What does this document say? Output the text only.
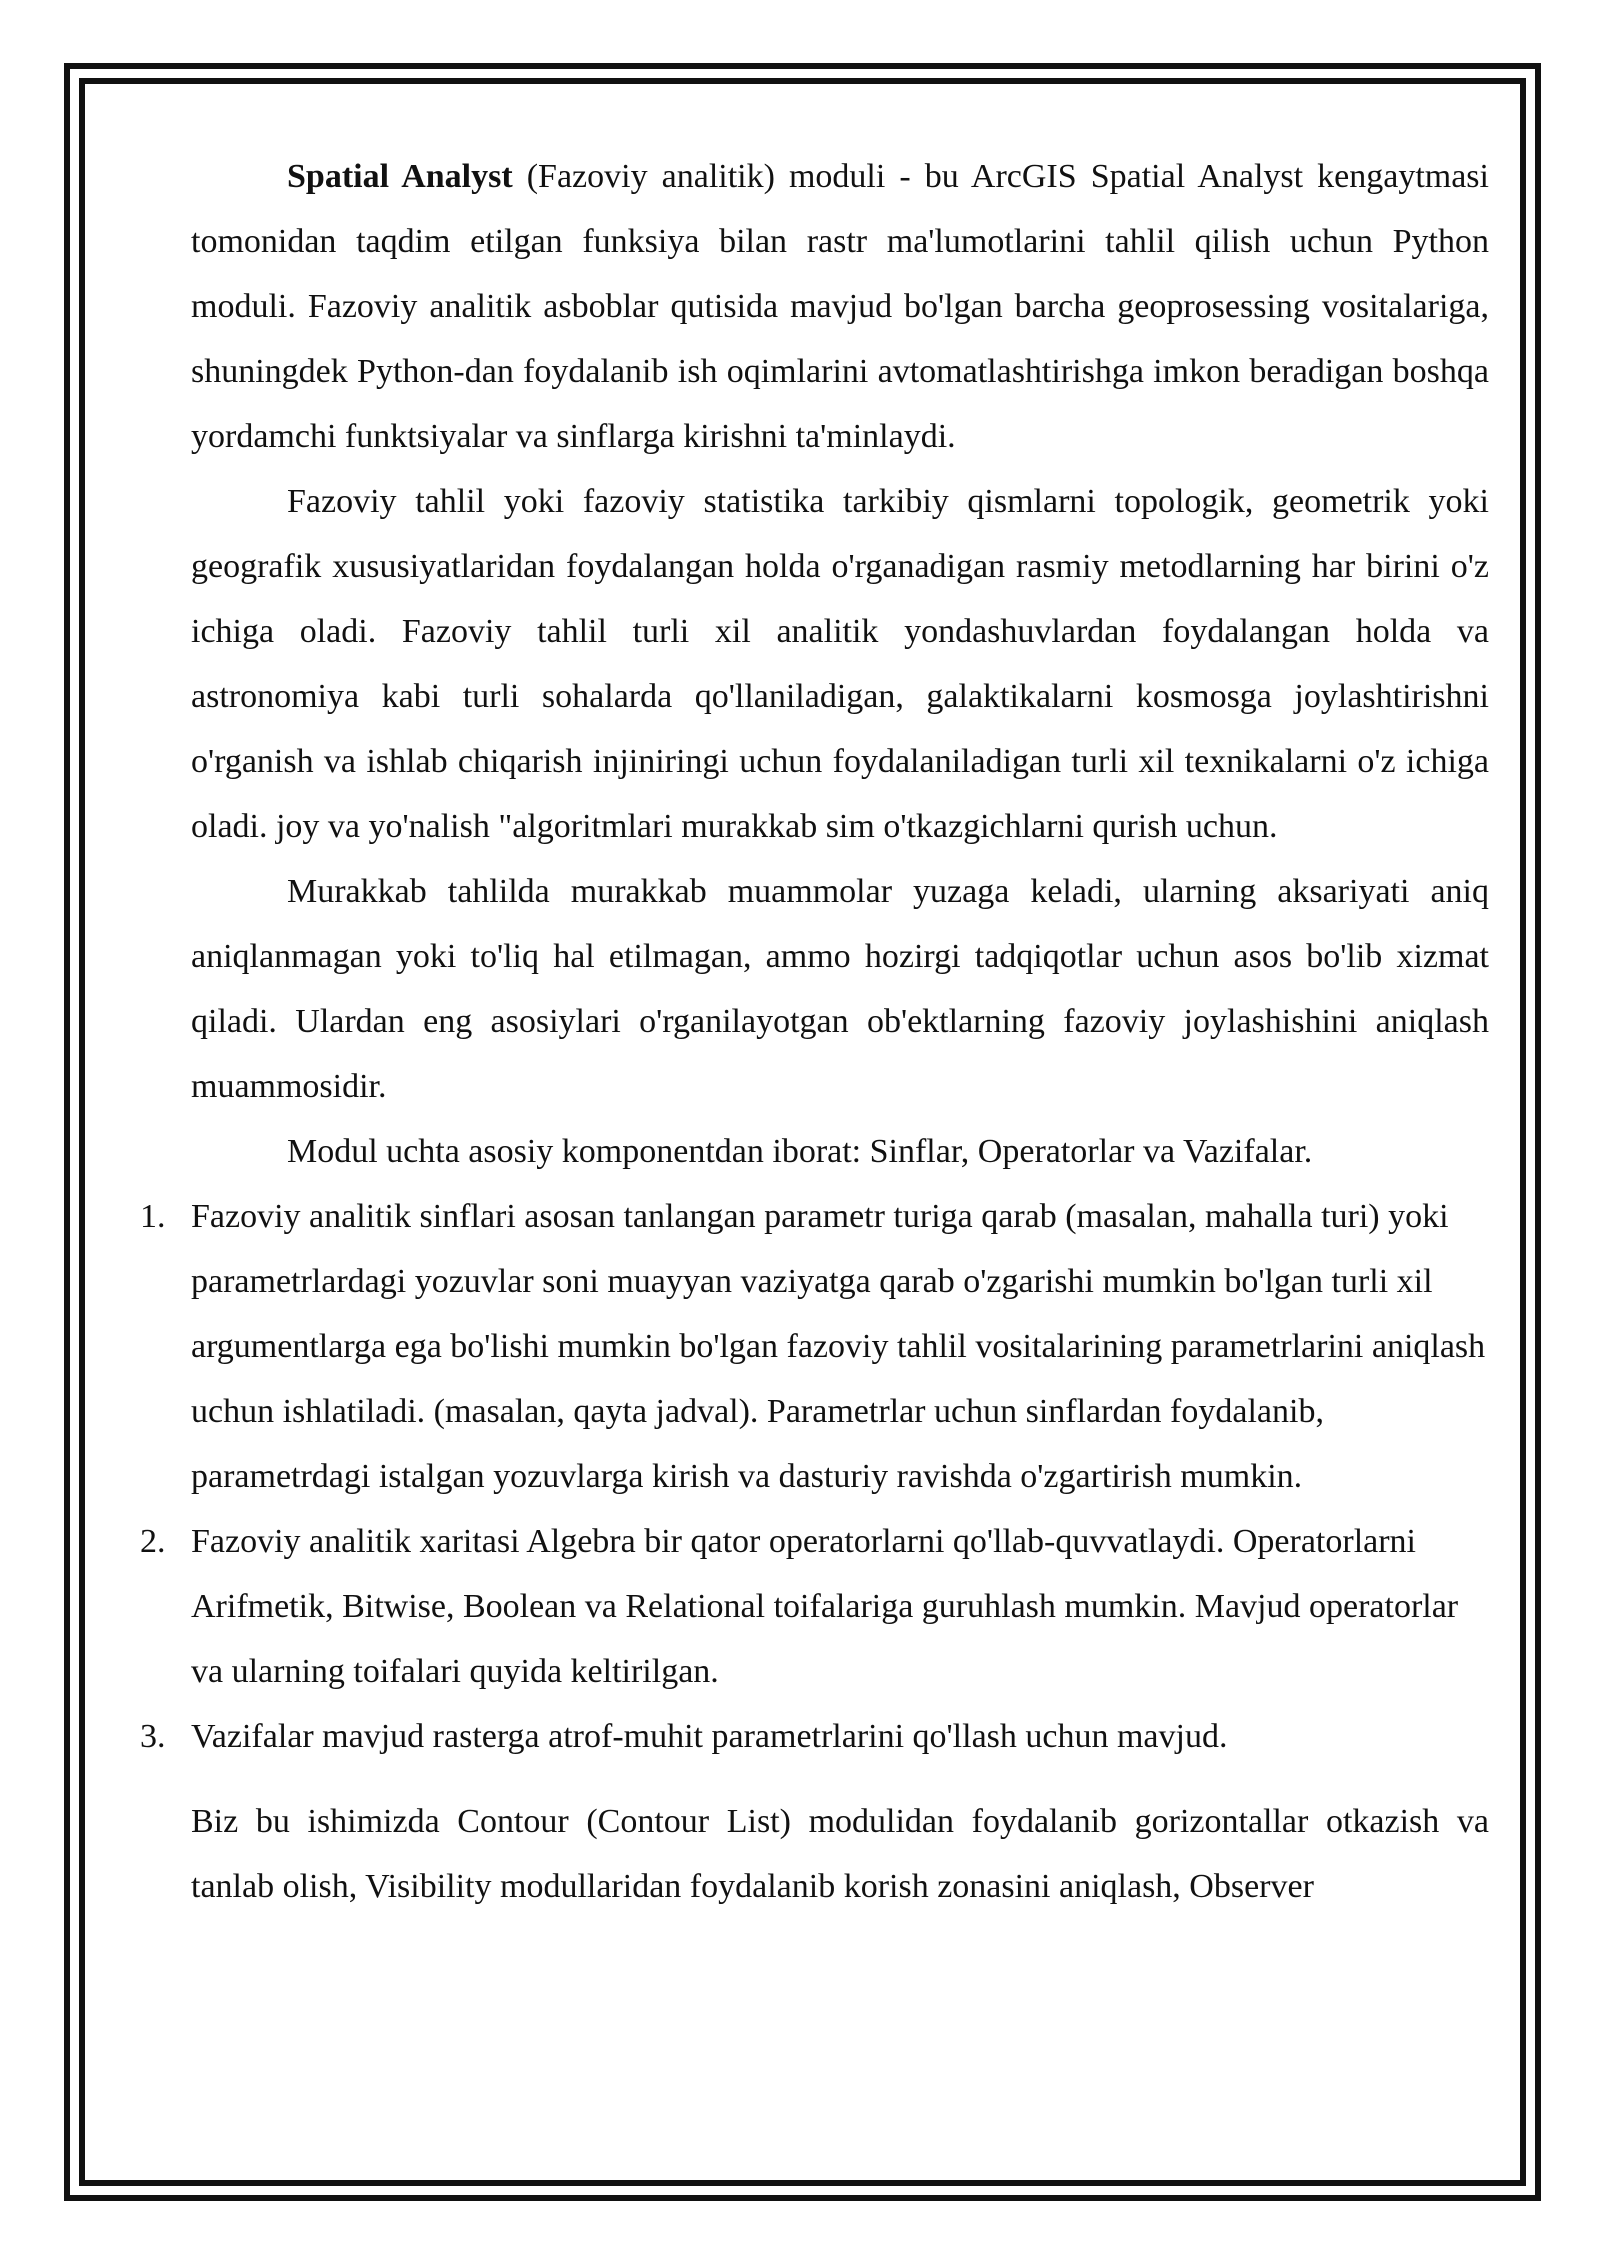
Spatial Analyst (Fazoviy analitik) moduli - bu ArcGIS Spatial Analyst kengaytmasi tomonidan taqdim etilgan funksiya bilan rastr ma'lumotlarini tahlil qilish uchun Python moduli. Fazoviy analitik asboblar qutisida mavjud bo'lgan barcha geoprosessing vositalariga, shuningdek Python-dan foydalanib ish oqimlarini avtomatlashtirishga imkon beradigan boshqa yordamchi funktsiyalar va sinflarga kirishni ta'minlaydi.

Fazoviy tahlil yoki fazoviy statistika tarkibiy qismlarni topologik, geometrik yoki geografik xususiyatlaridan foydalangan holda o'rganadigan rasmiy metodlarning har birini o'z ichiga oladi. Fazoviy tahlil turli xil analitik yondashuvlardan foydalangan holda va astronomiya kabi turli sohalarda qo'llaniladigan, galaktikalarni kosmosga joylashtirishni o'rganish va ishlab chiqarish injiniringi uchun foydalaniladigan turli xil texnikalarni o'z ichiga oladi. joy va yo'nalish "algoritmlari murakkab sim o'tkazgichlarni qurish uchun.

Murakkab tahlilda murakkab muammolar yuzaga keladi, ularning aksariyati aniq aniqlanmagan yoki to'liq hal etilmagan, ammo hozirgi tadqiqotlar uchun asos bo'lib xizmat qiladi. Ulardan eng asosiylari o'rganilayotgan ob'ektlarning fazoviy joylashishini aniqlash muammosidir.

Modul uchta asosiy komponentdan iborat: Sinflar, Operatorlar va Vazifalar.

1. Fazoviy analitik sinflari asosan tanlangan parametr turiga qarab (masalan, mahalla turi) yoki parametrlardagi yozuvlar soni muayyan vaziyatga qarab o'zgarishi mumkin bo'lgan turli xil argumentlarga ega bo'lishi mumkin bo'lgan fazoviy tahlil vositalarining parametrlarini aniqlash uchun ishlatiladi. (masalan, qayta jadval). Parametrlar uchun sinflardan foydalanib, parametrdagi istalgan yozuvlarga kirish va dasturiy ravishda o'zgartirish mumkin.
2. Fazoviy analitik xaritasi Algebra bir qator operatorlarni qo'llab-quvvatlaydi. Operatorlarni Arifmetik, Bitwise, Boolean va Relational toifalariga guruhlash mumkin. Mavjud operatorlar va ularning toifalari quyida keltirilgan.
3. Vazifalar mavjud rasterga atrof-muhit parametrlarini qo'llash uchun mavjud.

Biz bu ishimizda Contour (Contour List) modulidan foydalanib gorizontallar otkazish va tanlab olish, Visibility modullaridan foydalanib korish zonasini aniqlash, Observer
